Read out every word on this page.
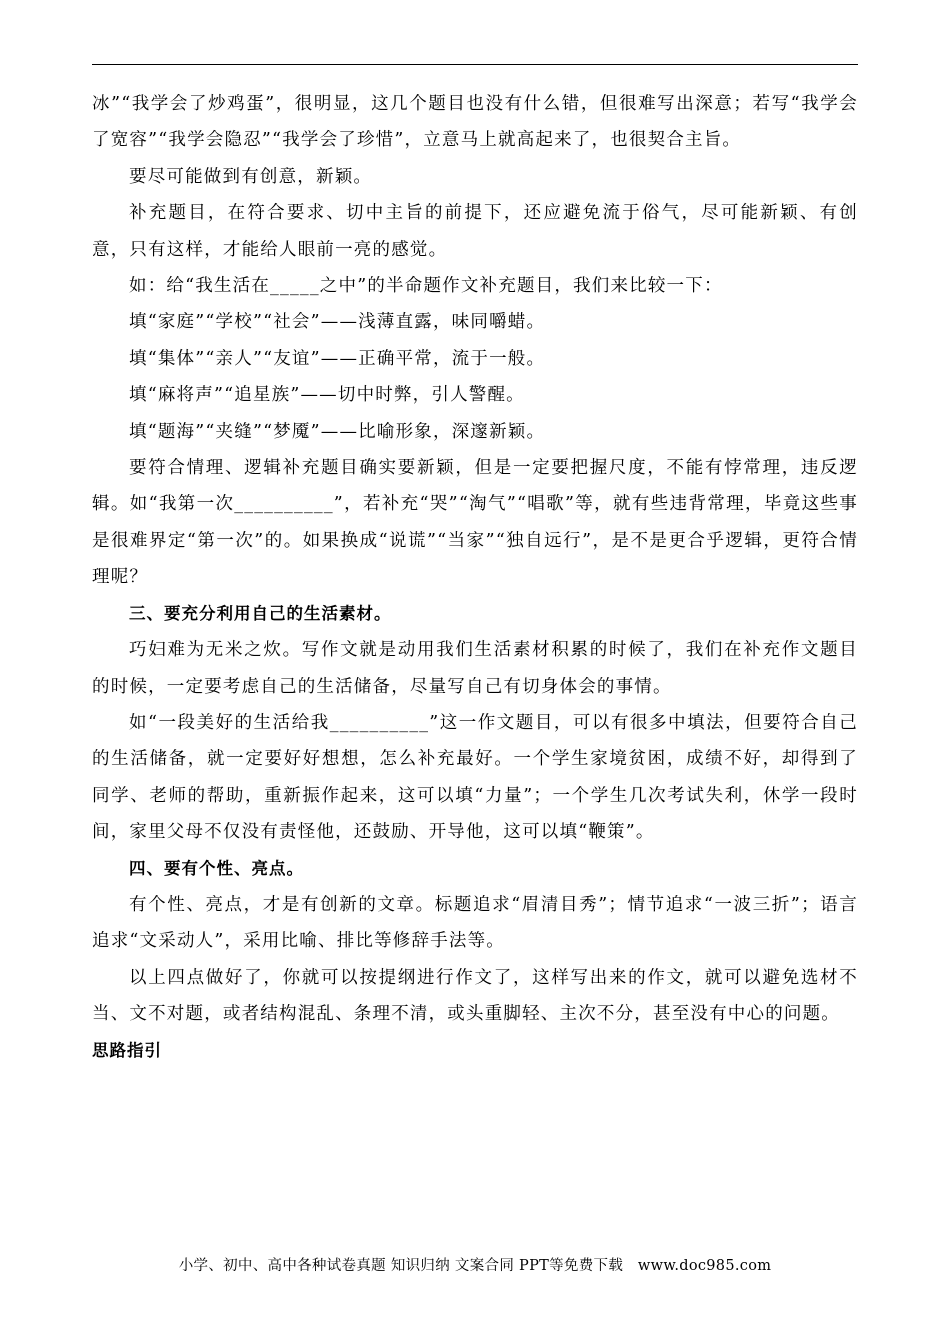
冰”“我学会了炒鸡蛋”，很明显，这几个题目也没有什么错，但很难写出深意；若写“我学会了宽容”“我学会隐忍”“我学会了珍惜”，立意马上就高起来了，也很契合主旨。

要尽可能做到有创意，新颖。

补充题目，在符合要求、切中主旨的前提下，还应避免流于俗气，尽可能新颖、有创意，只有这样，才能给人眼前一亮的感觉。

如：给“我生活在_____之中”的半命题作文补充题目，我们来比较一下：

填“家庭”“学校”“社会”——浅薄直露，味同嚼蜡。

填“集体”“亲人”“友谊”——正确平常，流于一般。

填“麻将声”“追星族”——切中时弊，引人警醒。

填“题海”“夹缝”“梦魇”——比喻形象，深邃新颖。

要符合情理、逻辑补充题目确实要新颖，但是一定要把握尺度，不能有悖常理，违反逻辑。如“我第一次__________”，若补充“哭”“淘气”“唱歌”等，就有些违背常理，毕竟这些事是很难界定“第一次”的。如果换成“说谎”“当家”“独自远行”，是不是更合乎逻辑，更符合情理呢？

三、要充分利用自己的生活素材。

巧妇难为无米之炊。写作文就是动用我们生活素材积累的时候了，我们在补充作文题目的时候，一定要考虑自己的生活储备，尽量写自己有切身体会的事情。

如“一段美好的生活给我__________”这一作文题目，可以有很多中填法，但要符合自己的生活储备，就一定要好好想想，怎么补充最好。一个学生家境贫困，成绩不好，却得到了同学、老师的帮助，重新振作起来，这可以填“力量”；一个学生几次考试失利，休学一段时间，家里父母不仅没有责怪他，还鼓励、开导他，这可以填“鞭策”。

四、要有个性、亮点。

有个性、亮点，才是有创新的文章。标题追求“眉清目秀”；情节追求“一波三折”；语言追求“文采动人”，采用比喻、排比等修辞手法等。

以上四点做好了，你就可以按提纲进行作文了，这样写出来的作文，就可以避免选材不当、文不对题，或者结构混乱、条理不清，或头重脚轻、主次不分，甚至没有中心的问题。

思路指引

小学、初中、高中各种试卷真题 知识归纳 文案合同 PPT等免费下载　www.doc985.com
